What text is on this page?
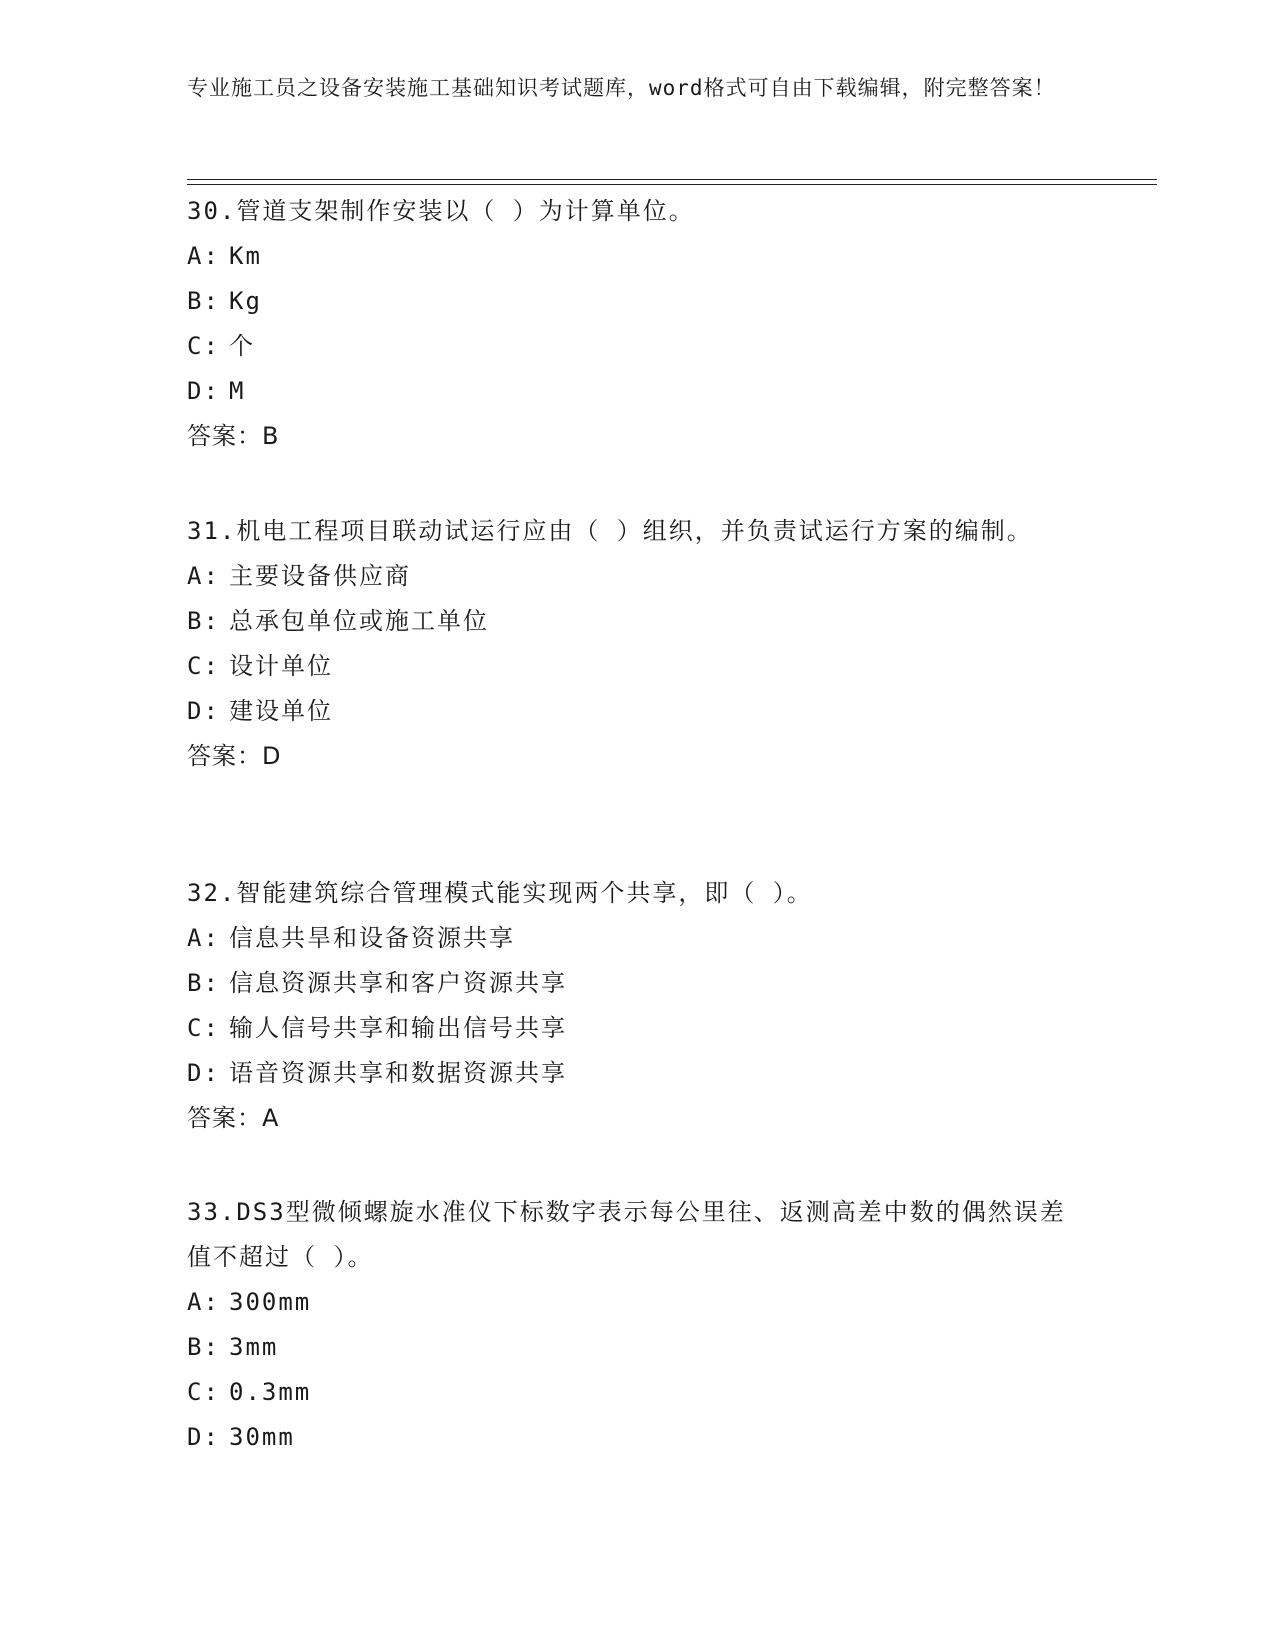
专业施工员之设备安装施工基础知识考试题库，word格式可自由下载编辑，附完整答案！

30.管道支架制作安装以（ ）为计算单位。

A: Km

B: Kg

C: 个

D: M

答案：B

31.机电工程项目联动试运行应由（ ）组织，并负责试运行方案的编制。

A: 主要设备供应商

B: 总承包单位或施工单位

C: 设计单位

D: 建设单位

答案：D

32.智能建筑综合管理模式能实现两个共享，即（ ）。

A: 信息共旱和设备资源共享

B: 信息资源共享和客户资源共享

C: 输人信号共享和输出信号共享

D: 语音资源共享和数据资源共享

答案：A

33.DS3型微倾螺旋水准仪下标数字表示每公里往、返测高差中数的偶然误差值不超过（ ）。

A: 300mm

B: 3mm

C: 0.3mm

D: 30mm
